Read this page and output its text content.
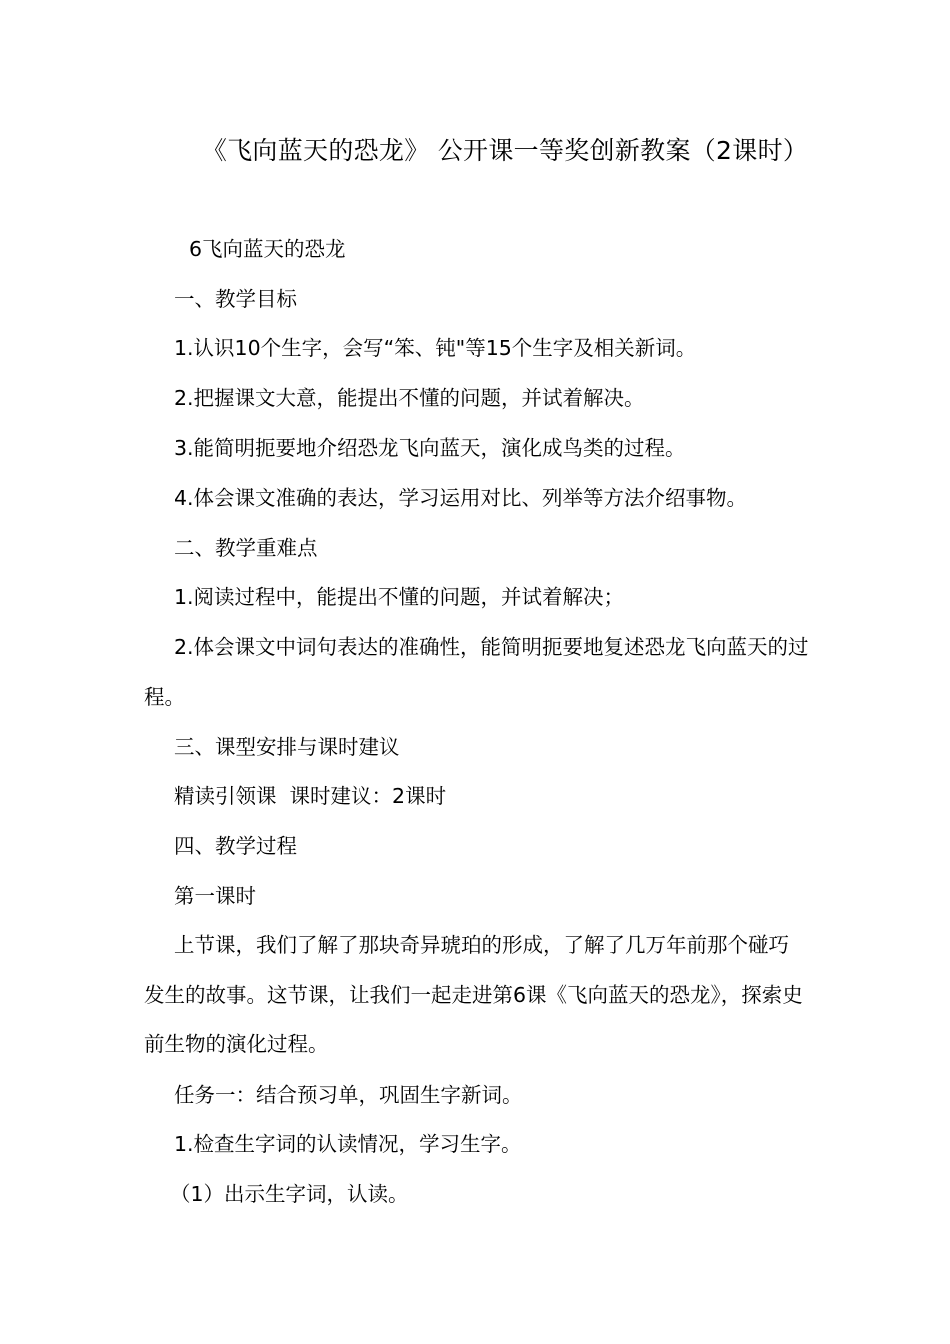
《飞向蓝天的恐龙》 公开课一等奖创新教案（2课时）
6飞向蓝天的恐龙
一、教学目标
1.认识10个生字，会写“笨、钝"等15个生字及相关新词。
2.把握课文大意，能提出不懂的问题，并试着解决。
3.能简明扼要地介绍恐龙飞向蓝天，演化成鸟类的过程。
4.体会课文准确的表达，学习运用对比、列举等方法介绍事物。
二、教学重难点
1.阅读过程中，能提出不懂的问题，并试着解决；
2.体会课文中词句表达的准确性，能简明扼要地复述恐龙飞向蓝天的过程。
三、课型安排与课时建议
精读引领课  课时建议：2课时
四、教学过程
第一课时
上节课，我们了解了那块奇异琥珀的形成，了解了几万年前那个碰巧发生的故事。这节课，让我们一起走进第6课《飞向蓝天的恐龙》，探索史前生物的演化过程。
任务一：结合预习单，巩固生字新词。
1.检查生字词的认读情况，学习生字。
（1）出示生字词，认读。
